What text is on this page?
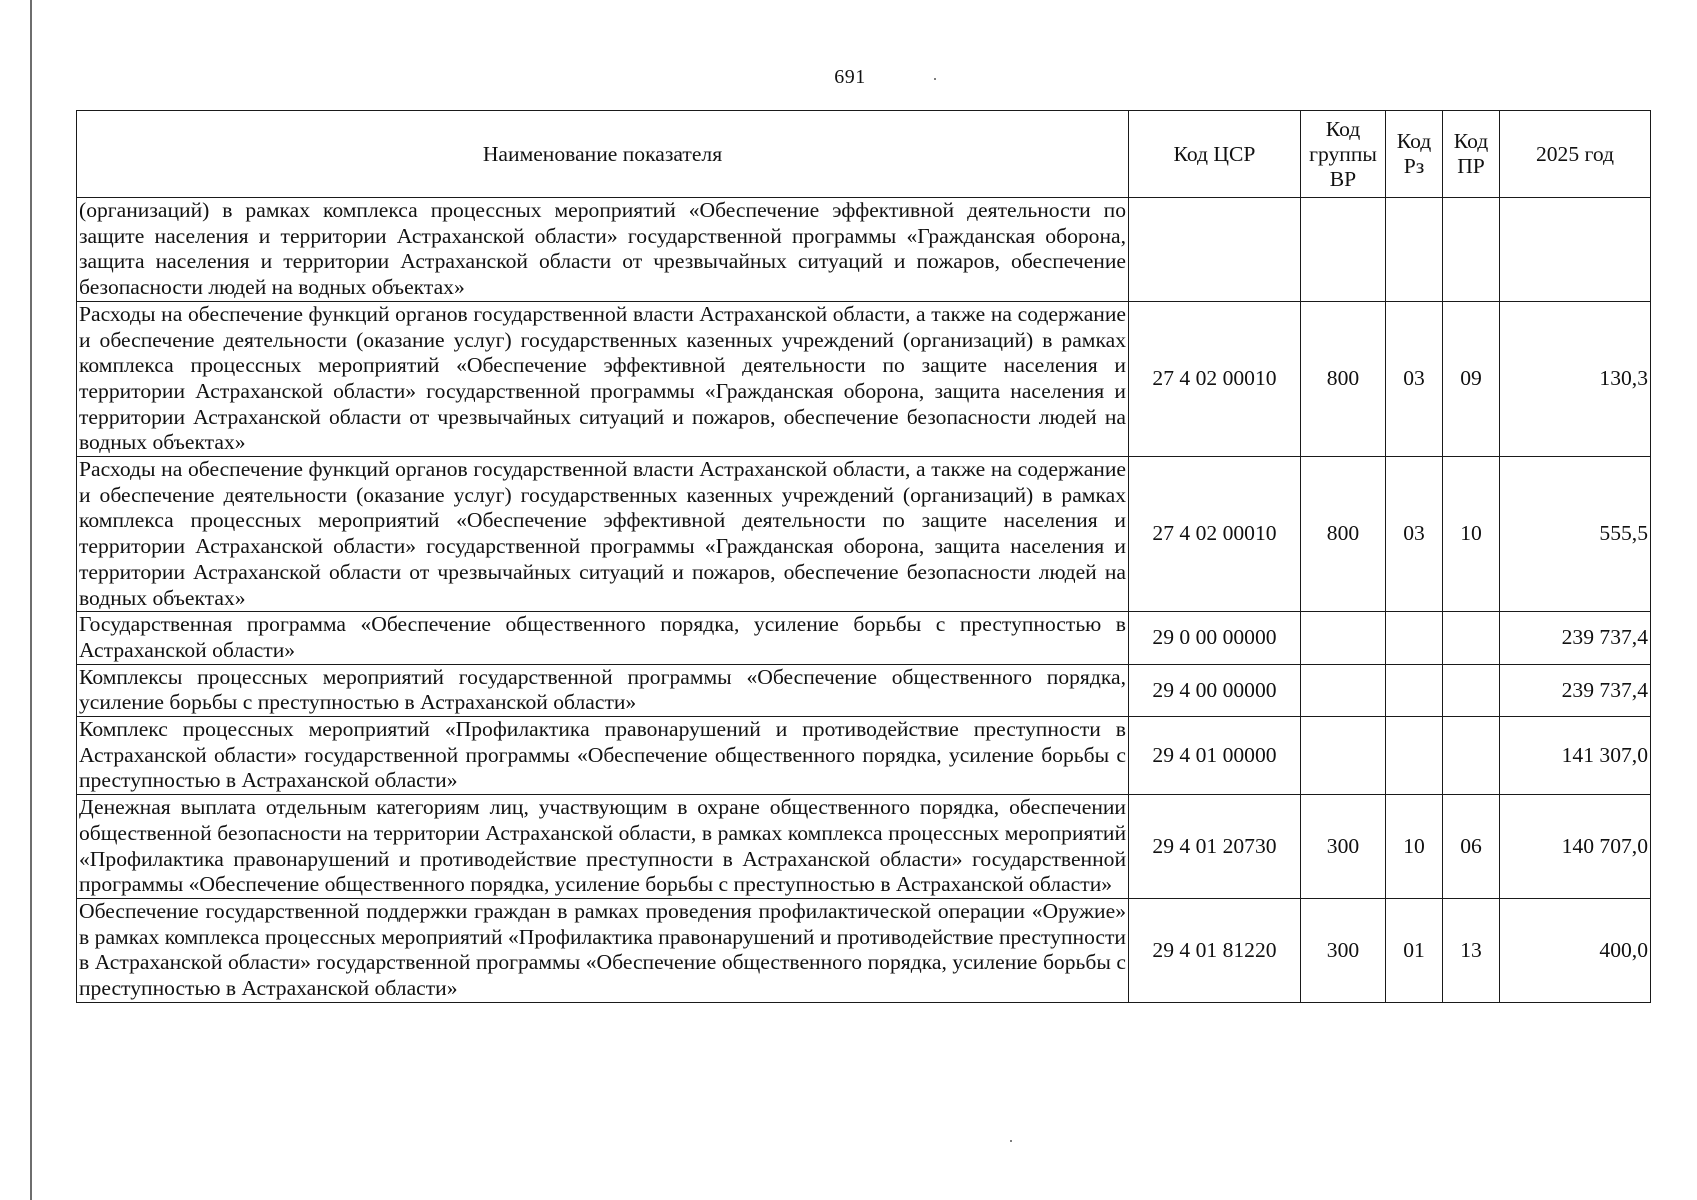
691
Наименование показателя	Код ЦСР	Код группы ВР	Код Рз	Код ПР	2025 год
(организаций) в рамках комплекса процессных мероприятий «Обеспечение эффективной деятельности по защите населения и территории Астраханской области» государственной программы «Гражданская оборона, защита населения и территории Астраханской области от чрезвычайных ситуаций и пожаров, обеспечение безопасности людей на водных объектах»					
Расходы на обеспечение функций органов государственной власти Астраханской области, а также на содержание и обеспечение деятельности (оказание услуг) государственных казенных учреждений (организаций) в рамках комплекса процессных мероприятий «Обеспечение эффективной деятельности по защите населения и территории Астраханской области» государственной программы «Гражданская оборона, защита населения и территории Астраханской области от чрезвычайных ситуаций и пожаров, обеспечение безопасности людей на водных объектах»	27 4 02 00010	800	03	09	130,3
Расходы на обеспечение функций органов государственной власти Астраханской области, а также на содержание и обеспечение деятельности (оказание услуг) государственных казенных учреждений (организаций) в рамках комплекса процессных мероприятий «Обеспечение эффективной деятельности по защите населения и территории Астраханской области» государственной программы «Гражданская оборона, защита населения и территории Астраханской области от чрезвычайных ситуаций и пожаров, обеспечение безопасности людей на водных объектах»	27 4 02 00010	800	03	10	555,5
Государственная программа «Обеспечение общественного порядка, усиление борьбы с преступностью в Астраханской области»	29 0 00 00000				239 737,4
Комплексы процессных мероприятий государственной программы «Обеспечение общественного порядка, усиление борьбы с преступностью в Астраханской области»	29 4 00 00000				239 737,4
Комплекс процессных мероприятий «Профилактика правонарушений и противодействие преступности в Астраханской области» государственной программы «Обеспечение общественного порядка, усиление борьбы с преступностью в Астраханской области»	29 4 01 00000				141 307,0
Денежная выплата отдельным категориям лиц, участвующим в охране общественного порядка, обеспечении общественной безопасности на территории Астраханской области, в рамках комплекса процессных мероприятий «Профилактика правонарушений и противодействие преступности в Астраханской области» государственной программы «Обеспечение общественного порядка, усиление борьбы с преступностью в Астраханской области»	29 4 01 20730	300	10	06	140 707,0
Обеспечение государственной поддержки граждан в рамках проведения профилактической операции «Оружие» в рамках комплекса процессных мероприятий «Профилактика правонарушений и противодействие преступности в Астраханской области» государственной программы «Обеспечение общественного порядка, усиление борьбы с преступностью в Астраханской области»	29 4 01 81220	300	01	13	400,0
